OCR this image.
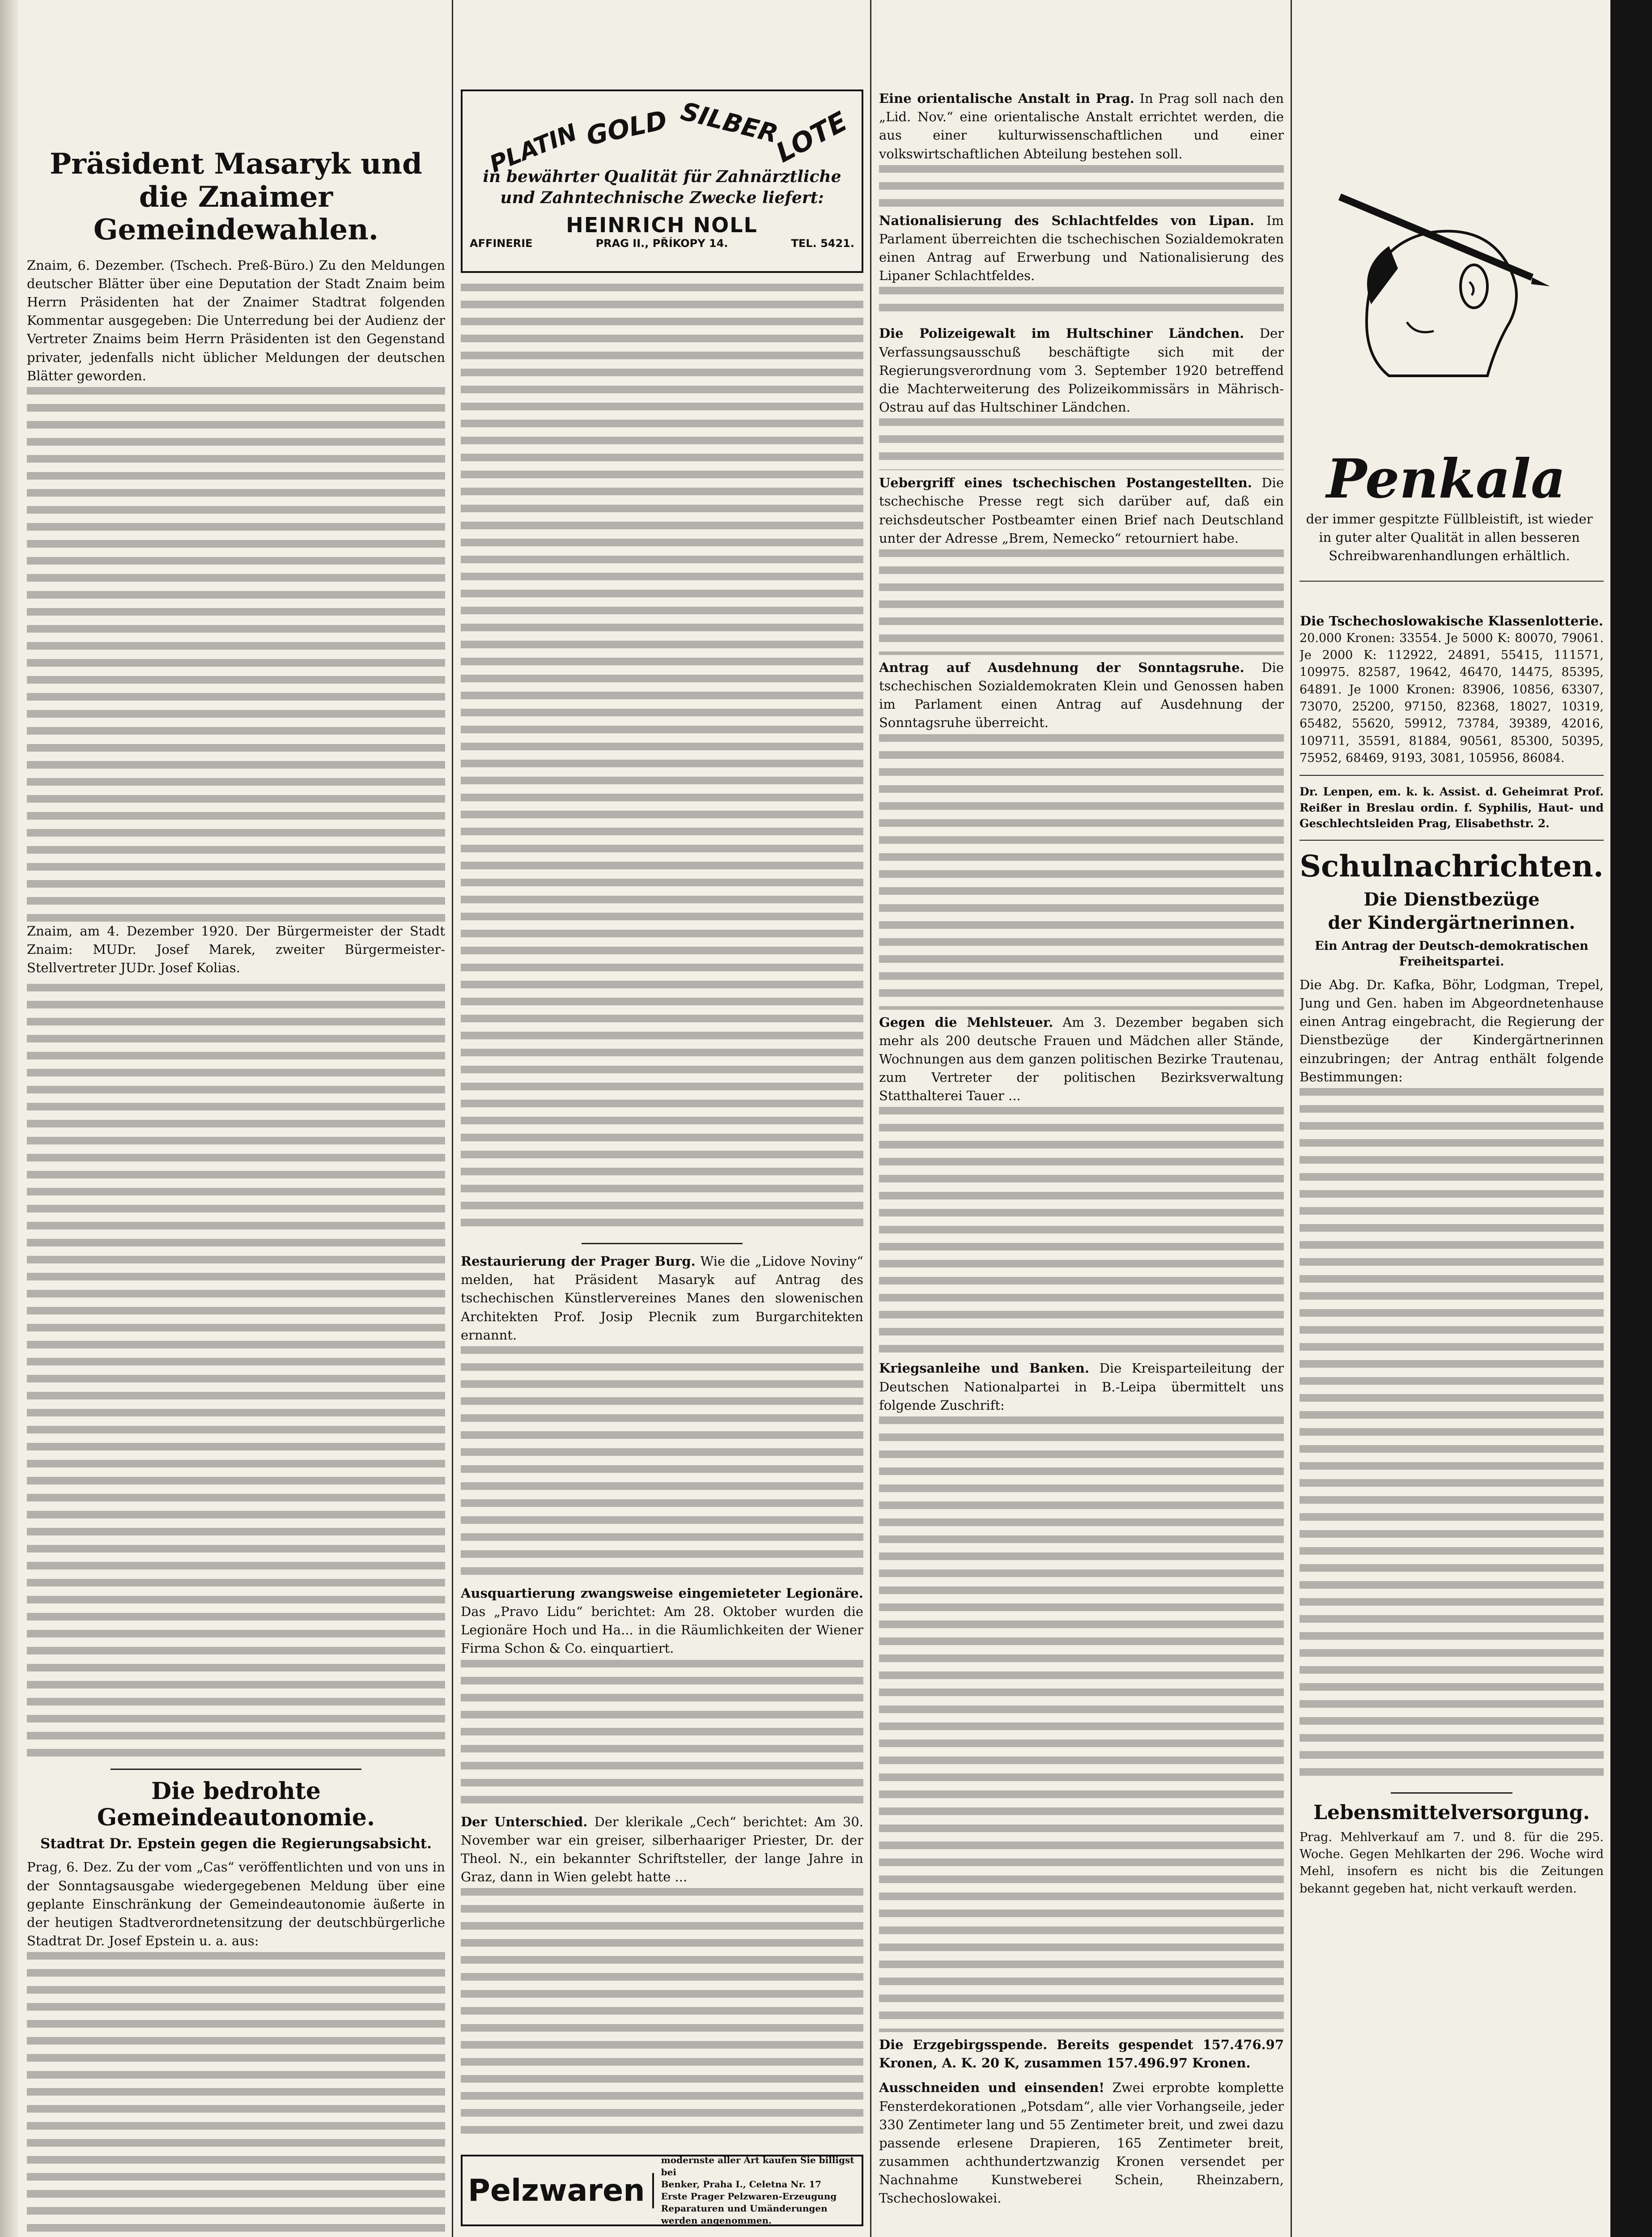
Präsident Masaryk und die Znaimer Gemeindewahlen.

Znaim, 6. Dezember. (Tschech. Preß-Büro.) Zu den Meldungen deutscher Blätter über eine Deputation der Stadt Znaim beim Herrn Präsidenten hat der Znaimer Stadtrat folgenden Kommentar ausgegeben: Die Unterredung bei der Audienz der Vertreter Znaims beim Herrn Präsidenten ist den Gegenstand privater, jedenfalls nicht üblicher Meldungen der deutschen Blätter geworden.

Znaim, am 4. Dezember 1920. Der Bürgermeister der Stadt Znaim: MUDr. Josef Marek, zweiter Bürgermeister-Stellvertreter JUDr. Josef Kolias.

Die bedrohte Gemeindeautonomie.

Stadtrat Dr. Epstein gegen die Regierungsabsicht.

Prag, 6. Dez. Zu der vom „Cas“ veröffentlichten und von uns in der Sonntagsausgabe wiedergegebenen Meldung über eine geplante Einschränkung der Gemeindeautonomie äußerte in der heutigen Stadtverordnetensitzung der deutschbürgerliche Stadtrat Dr. Josef Epstein u. a. aus:

PLATIN GOLD SILBER
LOTE

in bewährter Qualität für Zahnärztliche

und Zahntechnische Zwecke liefert:

AFFINERIE
HEINRICH NOLL
PRAG II., PŘÍKOPY 14.	TEL. 5421.

Restaurierung der Prager Burg. Wie die „Lidove Noviny“ melden, hat Präsident Masaryk auf Antrag des tschechischen Künstlervereines Manes den slowenischen Architekten Prof. Josip Plecnik zum Burgarchitekten ernannt.

Ausquartierung zwangsweise eingemieteter Legionäre. Das „Pravo Lidu“ berichtet: Am 28. Oktober wurden die Legionäre Hoch und Ha... in die Räumlichkeiten der Wiener Firma Schon & Co. einquartiert.

Der Unterschied. Der klerikale „Cech“ berichtet: Am 30. November war ein greiser, silberhaariger Priester, Dr. der Theol. N., ein bekannter Schriftsteller, der lange Jahre in Graz, dann in Wien gelebt hatte ...

Pelzwaren
modernste aller Art kaufen Sie billigst bei
Benker, Praha I., Celetna Nr. 17
Erste Prager Pelzwaren-Erzeugung
Reparaturen und Umänderungen
werden angenommen.

Eine orientalische Anstalt in Prag. In Prag soll nach den „Lid. Nov.“ eine orientalische Anstalt errichtet werden, die aus einer kulturwissenschaftlichen und einer volkswirtschaftlichen Abteilung bestehen soll.

Nationalisierung des Schlachtfeldes von Lipan. Im Parlament überreichten die tschechischen Sozialdemokraten einen Antrag auf Erwerbung und Nationalisierung des Lipaner Schlachtfeldes.

Die Polizeigewalt im Hultschiner Ländchen. Der Verfassungsausschuß beschäftigte sich mit der Regierungsverordnung vom 3. September 1920 betreffend die Machterweiterung des Polizeikommissärs in Mährisch-Ostrau auf das Hultschiner Ländchen.

Uebergriff eines tschechischen Postangestellten. Die tschechische Presse regt sich darüber auf, daß ein reichsdeutscher Postbeamter einen Brief nach Deutschland unter der Adresse „Brem, Nemecko“ retourniert habe.

Antrag auf Ausdehnung der Sonntagsruhe. Die tschechischen Sozialdemokraten Klein und Genossen haben im Parlament einen Antrag auf Ausdehnung der Sonntagsruhe überreicht.

Gegen die Mehlsteuer. Am 3. Dezember begaben sich mehr als 200 deutsche Frauen und Mädchen aller Stände, Wochnungen aus dem ganzen politischen Bezirke Trautenau, zum Vertreter der politischen Bezirksverwaltung Statthalterei Tauer ...

Kriegsanleihe und Banken. Die Kreisparteileitung der Deutschen Nationalpartei in B.-Leipa übermittelt uns folgende Zuschrift:

Die Erzgebirgsspende. Bereits gespendet 157.476.97 Kronen, A. K. 20 K, zusammen 157.496.97 Kronen.

Ausschneiden und einsenden! Zwei erprobte komplette Fensterdekorationen „Potsdam“, alle vier Vorhangseile, jeder 330 Zentimeter lang und 55 Zentimeter breit, und zwei dazu passende erlesene Drapieren, 165 Zentimeter breit, zusammen achthundertzwanzig Kronen versendet per Nachnahme Kunstweberei Schein, Rheinzabern, Tschechoslowakei.

Penkala

der immer gespitzte Füllbleistift, ist wieder in guter alter Qualität in allen besseren Schreibwarenhandlungen erhältlich.

Die Tschechoslowakische Klassenlotterie.

20.000 Kronen: 33554. Je 5000 K: 80070, 79061. Je 2000 K: 112922, 24891, 55415, 111571, 109975. 82587, 19642, 46470, 14475, 85395, 64891. Je 1000 Kronen: 83906, 10856, 63307, 73070, 25200, 97150, 82368, 18027, 10319, 65482, 55620, 59912, 73784, 39389, 42016, 109711, 35591, 81884, 90561, 85300, 50395, 75952, 68469, 9193, 3081, 105956, 86084.

Dr. Lenpen, em. k. k. Assist. d. Geheimrat Prof. Reißer in Breslau ordin. f. Syphilis, Haut- und Geschlechtsleiden Prag, Elisabethstr. 2.

Schulnachrichten.

Die Dienstbezüge

der Kindergärtnerinnen.

Ein Antrag der Deutsch-demokratischen Freiheitspartei.

Die Abg. Dr. Kafka, Böhr, Lodgman, Trepel, Jung und Gen. haben im Abgeordnetenhause einen Antrag eingebracht, die Regierung der Dienstbezüge der Kindergärtnerinnen einzubringen; der Antrag enthält folgende Bestimmungen:

Lebensmittelversorgung.

Prag. Mehlverkauf am 7. und 8. für die 295. Woche. Gegen Mehlkarten der 296. Woche wird Mehl, insofern es nicht bis die Zeitungen bekannt gegeben hat, nicht verkauft werden.
